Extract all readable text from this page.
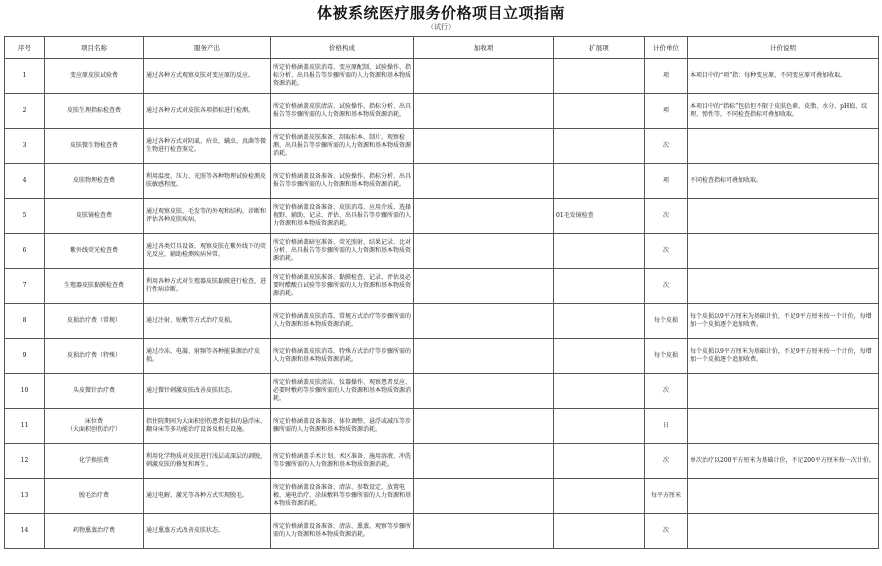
体被系统医疗服务价格项目立项指南
（试行）
序号	项目名称	服务产出	价格构成	加收项	扩展项	计价单位	计价说明
1	变应原皮肤试验费	通过各种方式观察皮肤对变应原的反应。	所定价格涵盖皮肤消毒、变应原配制、试验操作、指标分析、出具报告等步骤所需的人力资源和基本物质资源消耗。			项	本项目中的“项”指：每种变应原，不同变应原可叠加收取。
2	皮肤生理指标检查费	通过各种方式对皮肤各项指标进行检测。	所定价格涵盖皮肤清洁、试验操作、指标分析、出具报告等步骤所需的人力资源和基本物质资源消耗。			项	本项目中的“指标”包括但不限于皮肤色素、皮脂、水分、pH值、纹理、弹性等，不同检查指标可叠加收取。
3	皮肤微生物检查费	通过各种方式对阴虱、疥虫、螨虫、真菌等微生物进行检查鉴定。	所定价格涵盖皮肤准备、刮取标本、制片、观察检测、出具报告等步骤所需的人力资源和基本物质资源消耗。			次	
4	皮肤物理检查费	利用温度、压力、光照等各种物理试验检测皮肤敏感程度。	所定价格涵盖设备准备、试验操作、指标分析、出具报告等步骤所需的人力资源和基本物质资源消耗。			项	不同检查指标可叠加收取。
5	皮肤镜检查费	通过观察皮肤、毛发等的外观和结构，诊断和评估各种皮肤疾病。	所定价格涵盖设备准备、皮肤消毒、应用介质、选择视野、辅助、记录、评估、出具报告等步骤所需的人力资源和基本物质资源消耗。		01毛发镜检查	次	
6	紫外线荧光检查费	通过各类灯具设备，观察皮肤在紫外线下的荧光反应，辅助检测疾病异常。	所定价格涵盖暗室准备、荧光照射、结果记录、比对分析、出具报告等步骤所需的人力资源和基本物质资源消耗。			次	
7	生殖器皮肤黏膜检查费	利用各种方式对生殖器皮肤黏膜进行检查，进行性病诊断。	所定价格涵盖皮肤准备、黏膜检查、记录、评估及必要时醋酸白试验等步骤所需的人力资源和基本物质资源消耗。			次	
8	皮损治疗费（常规）	通过注射、贴敷等方式治疗皮损。	所定价格涵盖皮肤消毒、常规方式治疗等步骤所需的人力资源和基本物质资源消耗。			每个皮损	每个皮损以9平方厘米为基础计价，不足9平方厘米按一个计价，每增加一个皮损逐个追加收费。
9	皮损治疗费（特殊）	通过冷冻、电凝、射频等各种能量源治疗皮损。	所定价格涵盖皮肤消毒、特殊方式治疗等步骤所需的人力资源和基本物质资源消耗。			每个皮损	每个皮损以9平方厘米为基础计价，不足9平方厘米按一个计价，每增加一个皮损逐个追加收费。
10	头皮微针治疗费	通过微针刺激皮肤改善皮肤状态。	所定价格涵盖皮肤清洁、仪器操作、观察患者反应、必要时敷药等步骤所需的人力资源和基本物质资源消耗。			次	
11	床位费
（大面积创伤治疗）	指住院期间为大面积创伤患者提供的悬浮床、翻身床等多功能治疗设备及相关设施。	所定价格涵盖设备准备、体位调整、悬浮或减压等步骤所需的人力资源和基本物质资源消耗。			日	
12	化学换肤费	利用化学物质对皮肤进行浅层或深层的剥脱，刺激皮肤的修复和再生。	所定价格涵盖手术计划、术区准备、施用溶液、冲洗等步骤所需的人力资源和基本物质资源消耗。			次	单次治疗以200平方厘米为基础计价，不足200平方厘米按一次计价。
13	脱毛治疗费	通过电解、激光等各种方式实现脱毛。	所定价格涵盖设备准备、清洁、参数设定、放置电极、通电治疗、涂抹敷料等步骤所需的人力资源和基本物质资源消耗。			每平方厘米	
14	药物熏蒸治疗费	通过熏蒸方式改善皮肤状态。	所定价格涵盖设备准备、清洁、熏蒸、观察等步骤所需的人力资源和基本物质资源消耗。			次	
